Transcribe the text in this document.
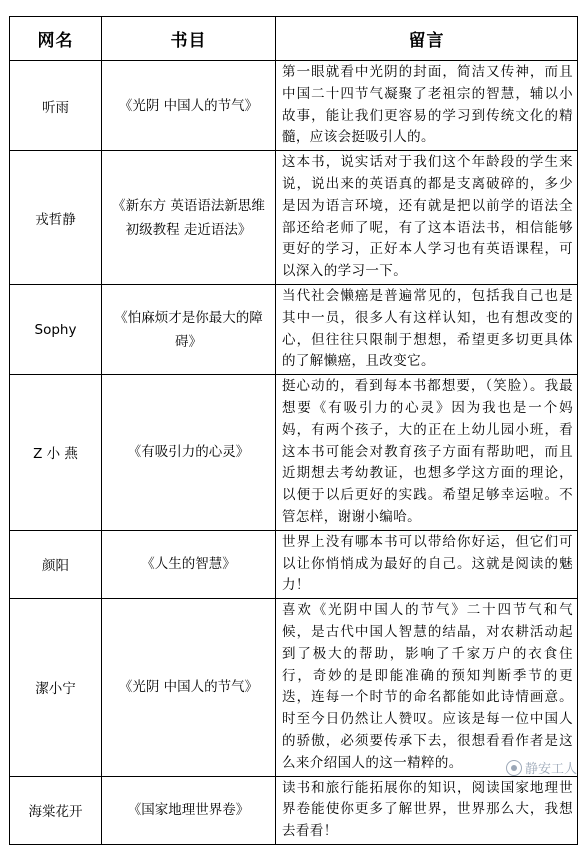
网名	书目	留言
听雨	《光阴 中国人的节气》	第一眼就看中光阴的封面，简洁又传神，而且中国二十四节气凝聚了老祖宗的智慧，辅以小故事，能让我们更容易的学习到传统文化的精髓，应该会挺吸引人的。
戎哲静	《新东方 英语语法新思维初级教程 走近语法》	这本书，说实话对于我们这个年龄段的学生来说，说出来的英语真的都是支离破碎的，多少是因为语言环境，还有就是把以前学的语法全部还给老师了呢，有了这本语法书，相信能够更好的学习，正好本人学习也有英语课程，可以深入的学习一下。
Sophy	《怕麻烦才是你最大的障碍》	当代社会懒癌是普遍常见的，包括我自己也是其中一员，很多人有这样认知，也有想改变的心，但往往只限制于想想，希望更多切更具体的了解懒癌，且改变它。
Z 小 燕	《有吸引力的心灵》	挺心动的，看到每本书都想要，（笑脸）。我最想要《有吸引力的心灵》因为我也是一个妈妈，有两个孩子，大的正在上幼儿园小班，看这本书可能会对教育孩子方面有帮助吧，而且近期想去考幼教证，也想多学这方面的理论，以便于以后更好的实践。希望足够幸运啦。不管怎样，谢谢小编哈。
颜阳	《人生的智慧》	世界上没有哪本书可以带给你好运，但它们可以让你悄悄成为最好的自己。这就是阅读的魅力！
潔小宁	《光阴 中国人的节气》	喜欢《光阴中国人的节气》二十四节气和气候，是古代中国人智慧的结晶，对农耕活动起到了极大的帮助，影响了千家万户的衣食住行，奇妙的是即能准确的预知判断季节的更迭，连每一个时节的命名都能如此诗情画意。时至今日仍然让人赞叹。应该是每一位中国人的骄傲，必须要传承下去，很想看看作者是这么来介绍国人的这一精粹的。
海棠花开	《国家地理世界卷》	读书和旅行能拓展你的知识，阅读国家地理世界卷能使你更多了解世界，世界那么大，我想去看看！
静安工人
